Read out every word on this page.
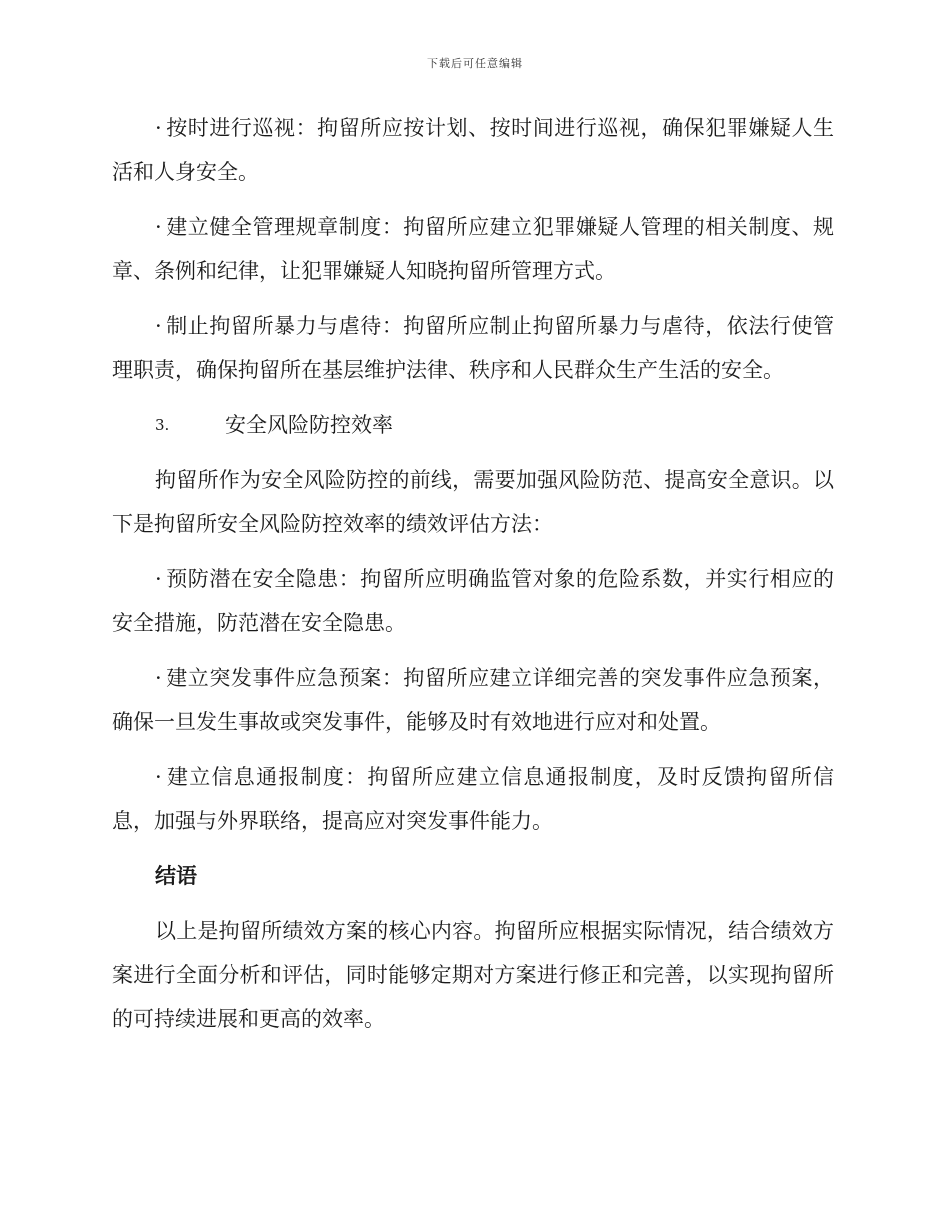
下载后可任意编辑

· 按时进行巡视：拘留所应按计划、按时间进行巡视，确保犯罪嫌疑人生活和人身安全。

· 建立健全管理规章制度：拘留所应建立犯罪嫌疑人管理的相关制度、规章、条例和纪律，让犯罪嫌疑人知晓拘留所管理方式。

· 制止拘留所暴力与虐待：拘留所应制止拘留所暴力与虐待，依法行使管理职责，确保拘留所在基层维护法律、秩序和人民群众生产生活的安全。

3.	安全风险防控效率

拘留所作为安全风险防控的前线，需要加强风险防范、提高安全意识。以下是拘留所安全风险防控效率的绩效评估方法：

· 预防潜在安全隐患：拘留所应明确监管对象的危险系数，并实行相应的安全措施，防范潜在安全隐患。

· 建立突发事件应急预案：拘留所应建立详细完善的突发事件应急预案，确保一旦发生事故或突发事件，能够及时有效地进行应对和处置。

· 建立信息通报制度：拘留所应建立信息通报制度，及时反馈拘留所信息，加强与外界联络，提高应对突发事件能力。

结语

以上是拘留所绩效方案的核心内容。拘留所应根据实际情况，结合绩效方案进行全面分析和评估，同时能够定期对方案进行修正和完善，以实现拘留所的可持续进展和更高的效率。
